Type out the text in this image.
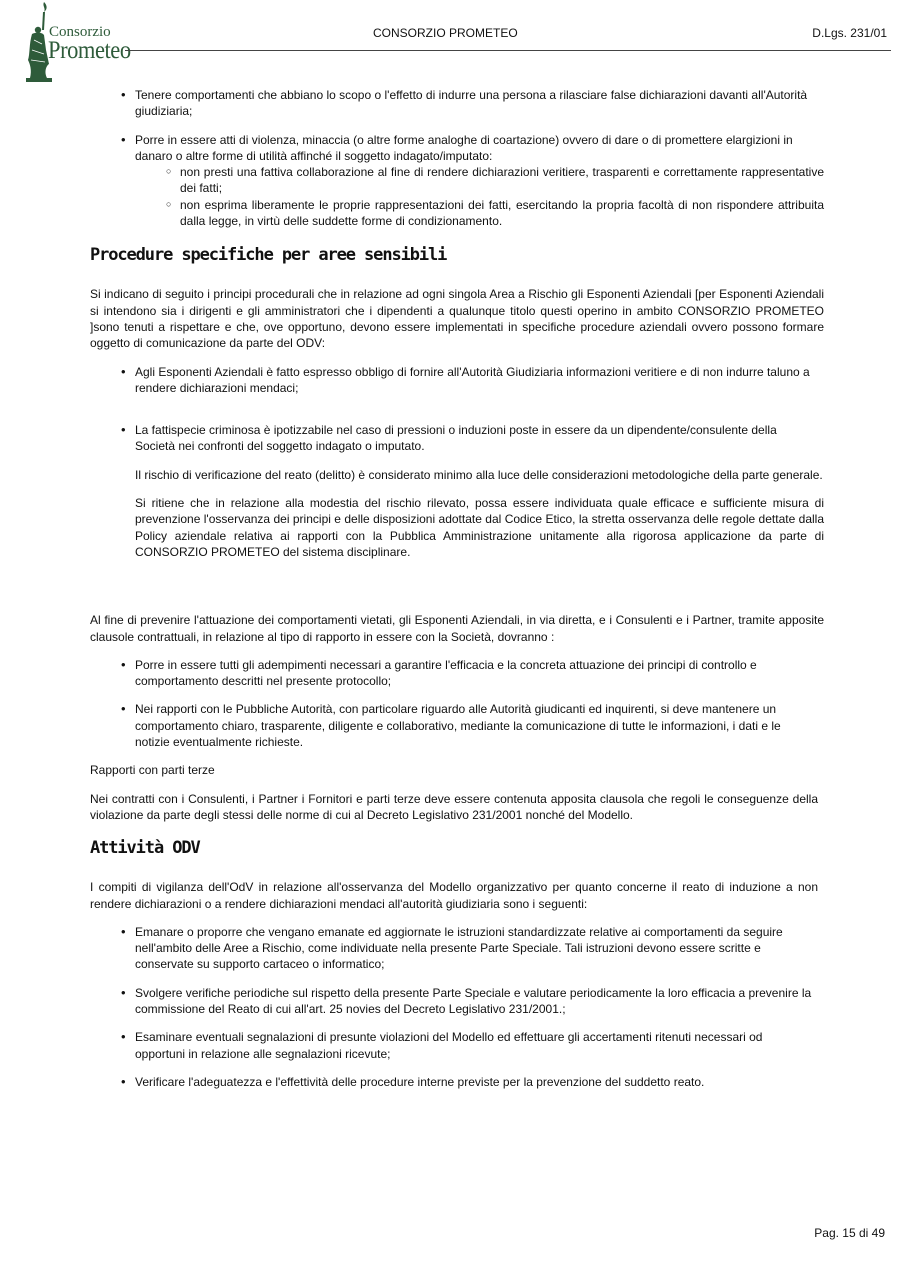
Consorzio
Prometeo
CONSORZIO PROMETEO	D.Lgs. 231/01
• Tenere comportamenti che abbiano lo scopo o l'effetto di indurre una persona a rilasciare false dichiarazioni davanti all'Autorità giudiziaria;
• Porre in essere atti di violenza, minaccia (o altre forme analoghe di coartazione) ovvero di dare o di promettere elargizioni in danaro o altre forme di utilità affinché il soggetto indagato/imputato:
○ non presti una fattiva collaborazione al fine di rendere dichiarazioni veritiere, trasparenti e correttamente rappresentative dei fatti;
○ non esprima liberamente le proprie rappresentazioni dei fatti, esercitando la propria facoltà di non rispondere attribuita dalla legge, in virtù delle suddette forme di condizionamento.
Procedure specifiche per aree sensibili

Si indicano di seguito i principi procedurali che in relazione ad ogni singola Area a Rischio gli Esponenti Aziendali [per Esponenti Aziendali si intendono sia i dirigenti e gli amministratori che i dipendenti a qualunque titolo questi operino in ambito CONSORZIO PROMETEO ]sono tenuti a rispettare e che, ove opportuno, devono essere implementati in specifiche procedure aziendali ovvero possono formare oggetto di comunicazione da parte del ODV:

• Agli Esponenti Aziendali è fatto espresso obbligo di fornire all'Autorità Giudiziaria informazioni veritiere e di non indurre taluno a rendere dichiarazioni mendaci;
• La fattispecie criminosa è ipotizzabile nel caso di pressioni o induzioni poste in essere da un dipendente/consulente della Società nei confronti del soggetto indagato o imputato.

Il rischio di verificazione del reato (delitto) è considerato minimo alla luce delle considerazioni metodologiche della parte generale.

Si ritiene che in relazione alla modestia del rischio rilevato, possa essere individuata quale efficace e sufficiente misura di prevenzione l'osservanza dei principi e delle disposizioni adottate dal Codice Etico, la stretta osservanza delle regole dettate dalla Policy aziendale relativa ai rapporti con la Pubblica Amministrazione unitamente alla rigorosa applicazione da parte di CONSORZIO PROMETEO del sistema disciplinare.

Al fine di prevenire l'attuazione dei comportamenti vietati, gli Esponenti Aziendali, in via diretta, e i Consulenti e i Partner, tramite apposite clausole contrattuali, in relazione al tipo di rapporto in essere con la Società, dovranno :

• Porre in essere tutti gli adempimenti necessari a garantire l'efficacia e la concreta attuazione dei principi di controllo e comportamento descritti nel presente protocollo;
• Nei rapporti con le Pubbliche Autorità, con particolare riguardo alle Autorità giudicanti ed inquirenti, si deve mantenere un comportamento chiaro, trasparente, diligente e collaborativo, mediante la comunicazione di tutte le informazioni, i dati e le notizie eventualmente richieste.

Rapporti con parti terze

Nei contratti con i Consulenti, i Partner i Fornitori e parti terze deve essere contenuta apposita clausola che regoli le conseguenze della violazione da parte degli stessi delle norme di cui al Decreto Legislativo 231/2001 nonché del Modello.

Attività ODV

I compiti di vigilanza dell'OdV in relazione all'osservanza del Modello organizzativo per quanto concerne il reato di induzione a non rendere dichiarazioni o a rendere dichiarazioni mendaci all'autorità giudiziaria sono i seguenti:

• Emanare o proporre che vengano emanate ed aggiornate le istruzioni standardizzate relative ai comportamenti da seguire nell'ambito delle Aree a Rischio, come individuate nella presente Parte Speciale. Tali istruzioni devono essere scritte e conservate su supporto cartaceo o informatico;
• Svolgere verifiche periodiche sul rispetto della presente Parte Speciale e valutare periodicamente la loro efficacia a prevenire la commissione del Reato di cui all'art. 25 novies del Decreto Legislativo 231/2001.;
• Esaminare eventuali segnalazioni di presunte violazioni del Modello ed effettuare gli accertamenti ritenuti necessari od opportuni in relazione alle segnalazioni ricevute;
• Verificare l'adeguatezza e l'effettività delle procedure interne previste per la prevenzione del suddetto reato.
Pag. 15 di 49
